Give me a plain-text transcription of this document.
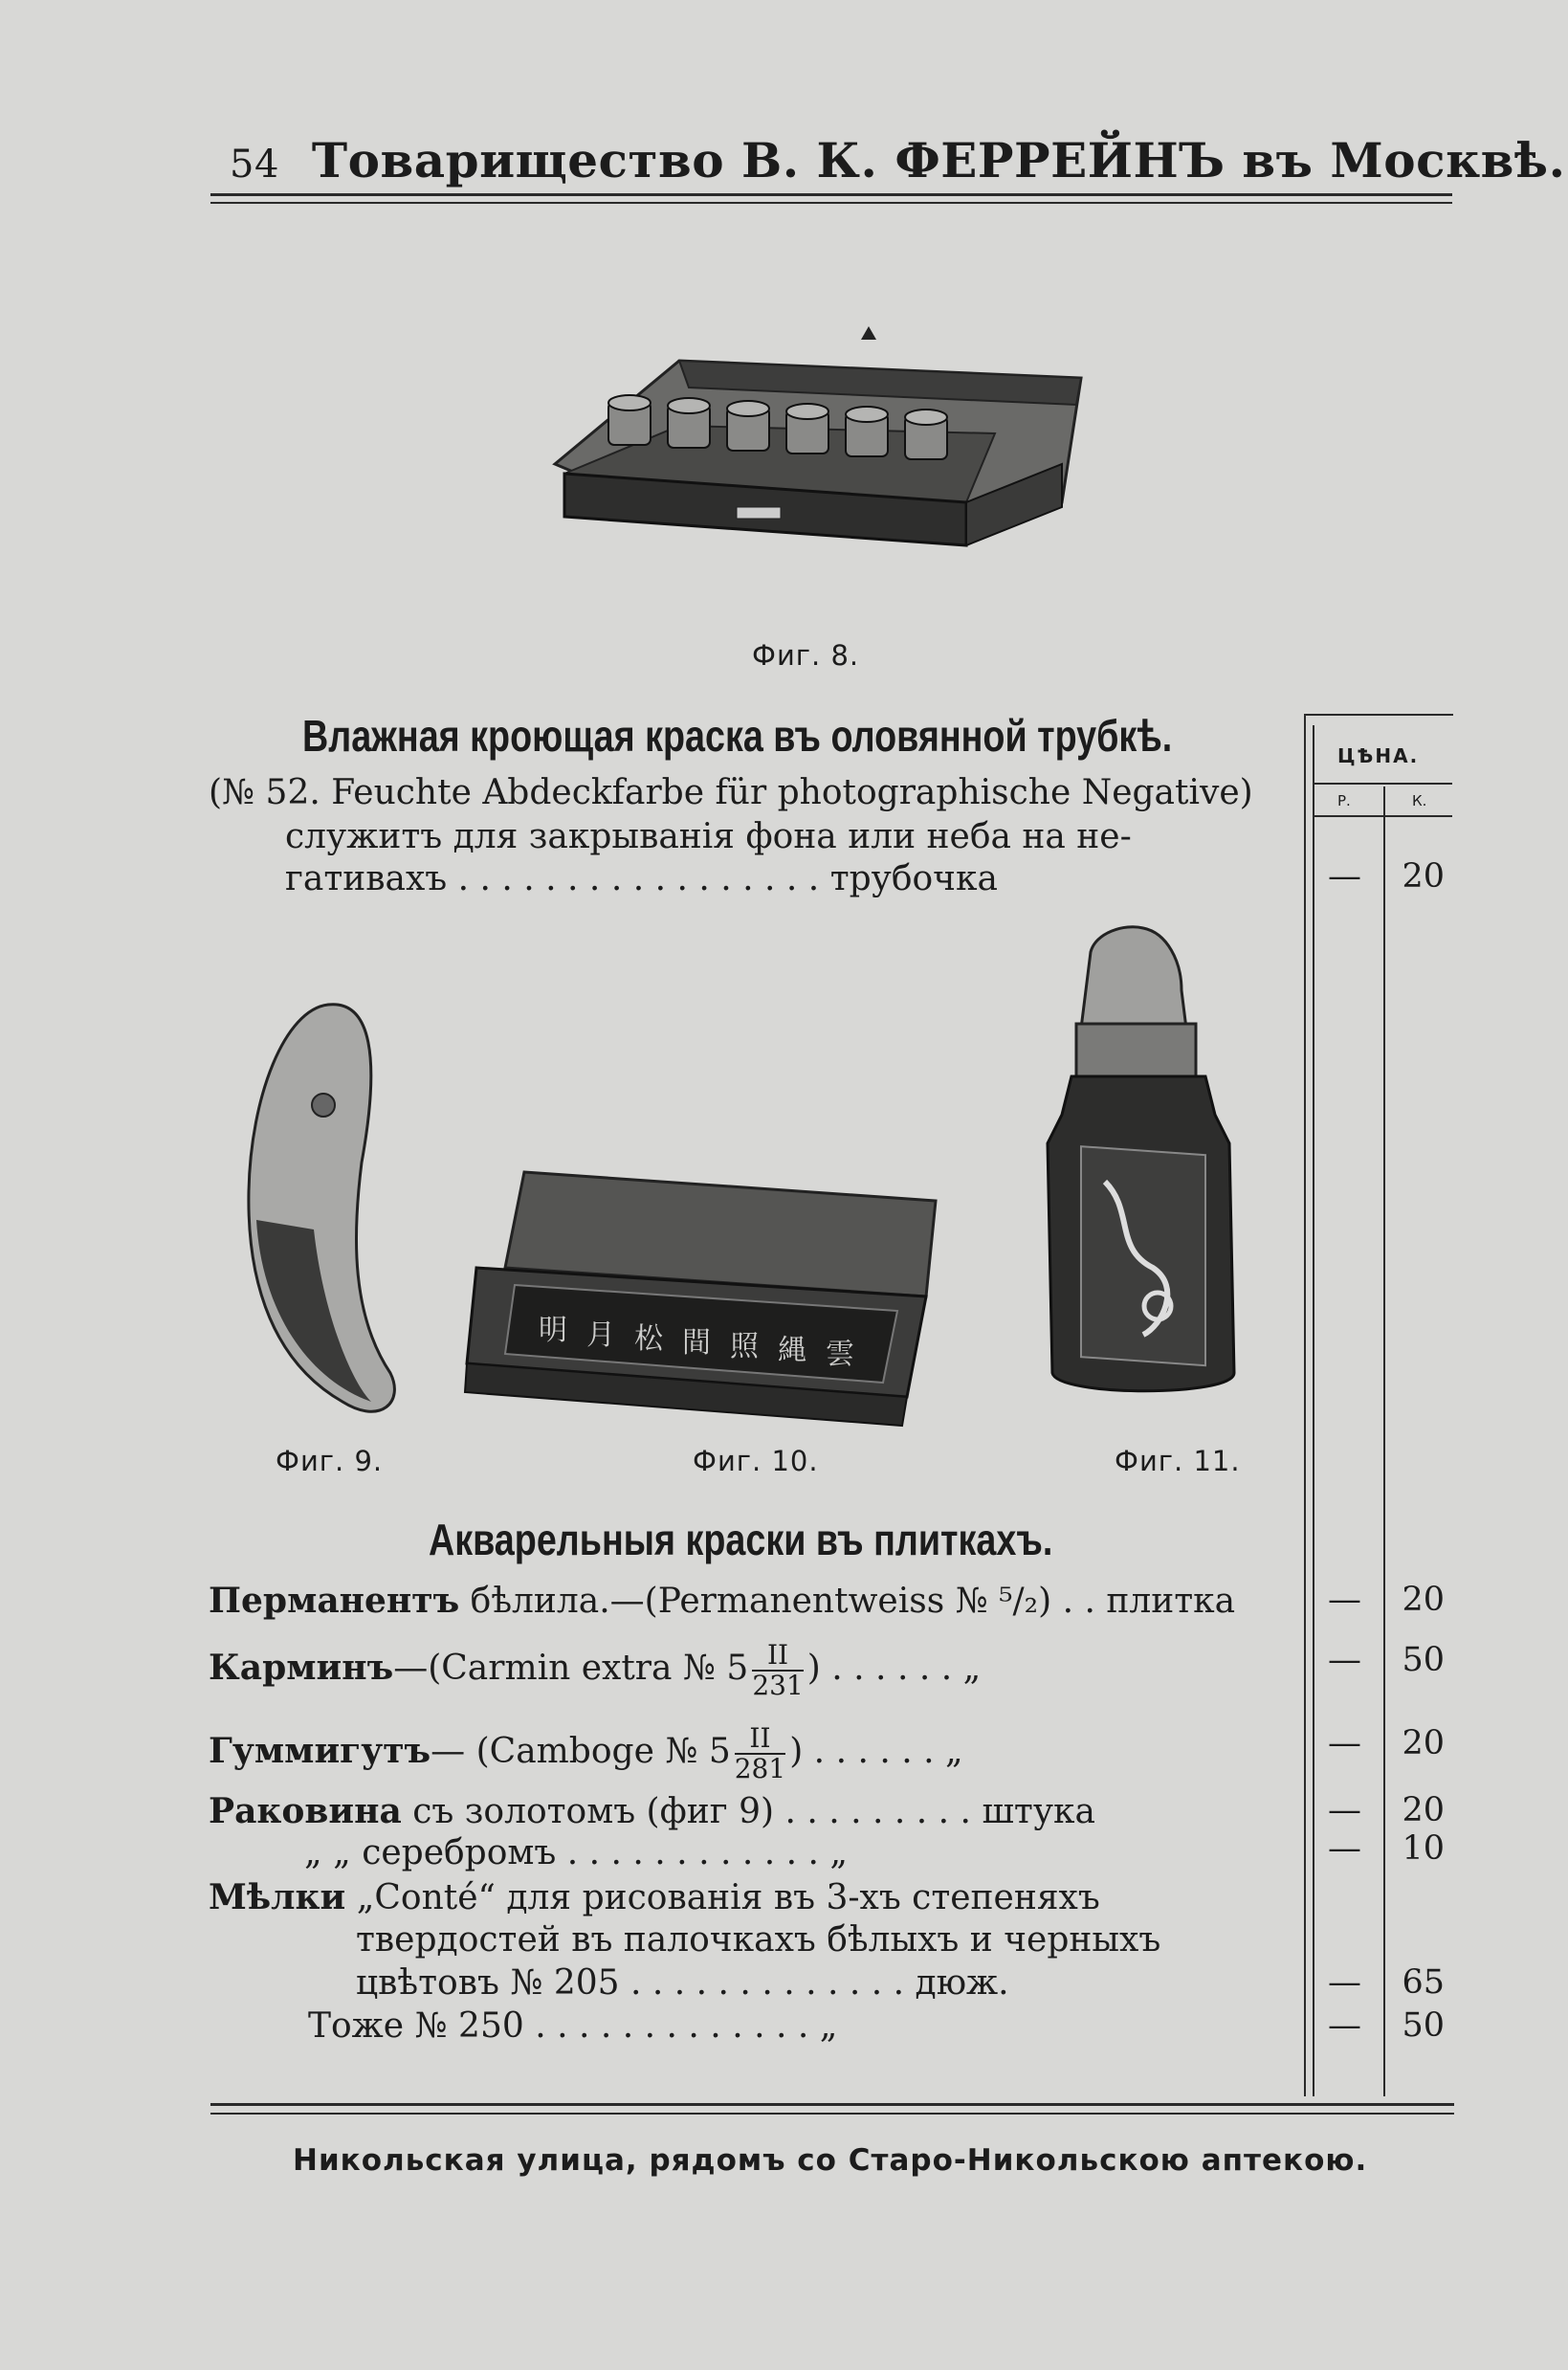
54 Товарищество В. К. ФЕРРЕЙНЪ въ Москвѣ.
Фиг. 8.
ЦѢНА.
Р.	К.
Влажная кроющая краска въ оловянной трубкѣ.
(№ 52. Feuchte Abdeckfarbe für photographische Negative)
служитъ для закрыванія фона или неба на не-
гативахъ . . . . . . . . . . . . . . . . . трубочка	—	20
明 月 松 間 照 縄 雲
Фиг. 9.	Фиг. 10.	Фиг. 11.
Акварельныя краски въ плиткахъ.
Перманентъ бѣлила.—(Permanentweiss № ⁵/₂) . . плитка	—	20
Карминъ—(Carmin extra № $5 \frac{II}{231}$ ) . . . . . . „	—	50
Гуммигутъ— (Camboge № $5 \frac{II}{281}$ ) . . . . . . „	—	20
Раковина съ золотомъ (фиг 9) . . . . . . . . . штука	—	20
„ „ серебромъ . . . . . . . . . . . . „	—	10
Мѣлки „Conté“ для рисованія въ 3-хъ степеняхъ
твердостей въ палочкахъ бѣлыхъ и черныхъ
цвѣтовъ № 205 . . . . . . . . . . . . . дюж.	—	65
Тоже № 250 . . . . . . . . . . . . . „	—	50
Никольская улица, рядомъ со Старо-Никольскою аптекою.
